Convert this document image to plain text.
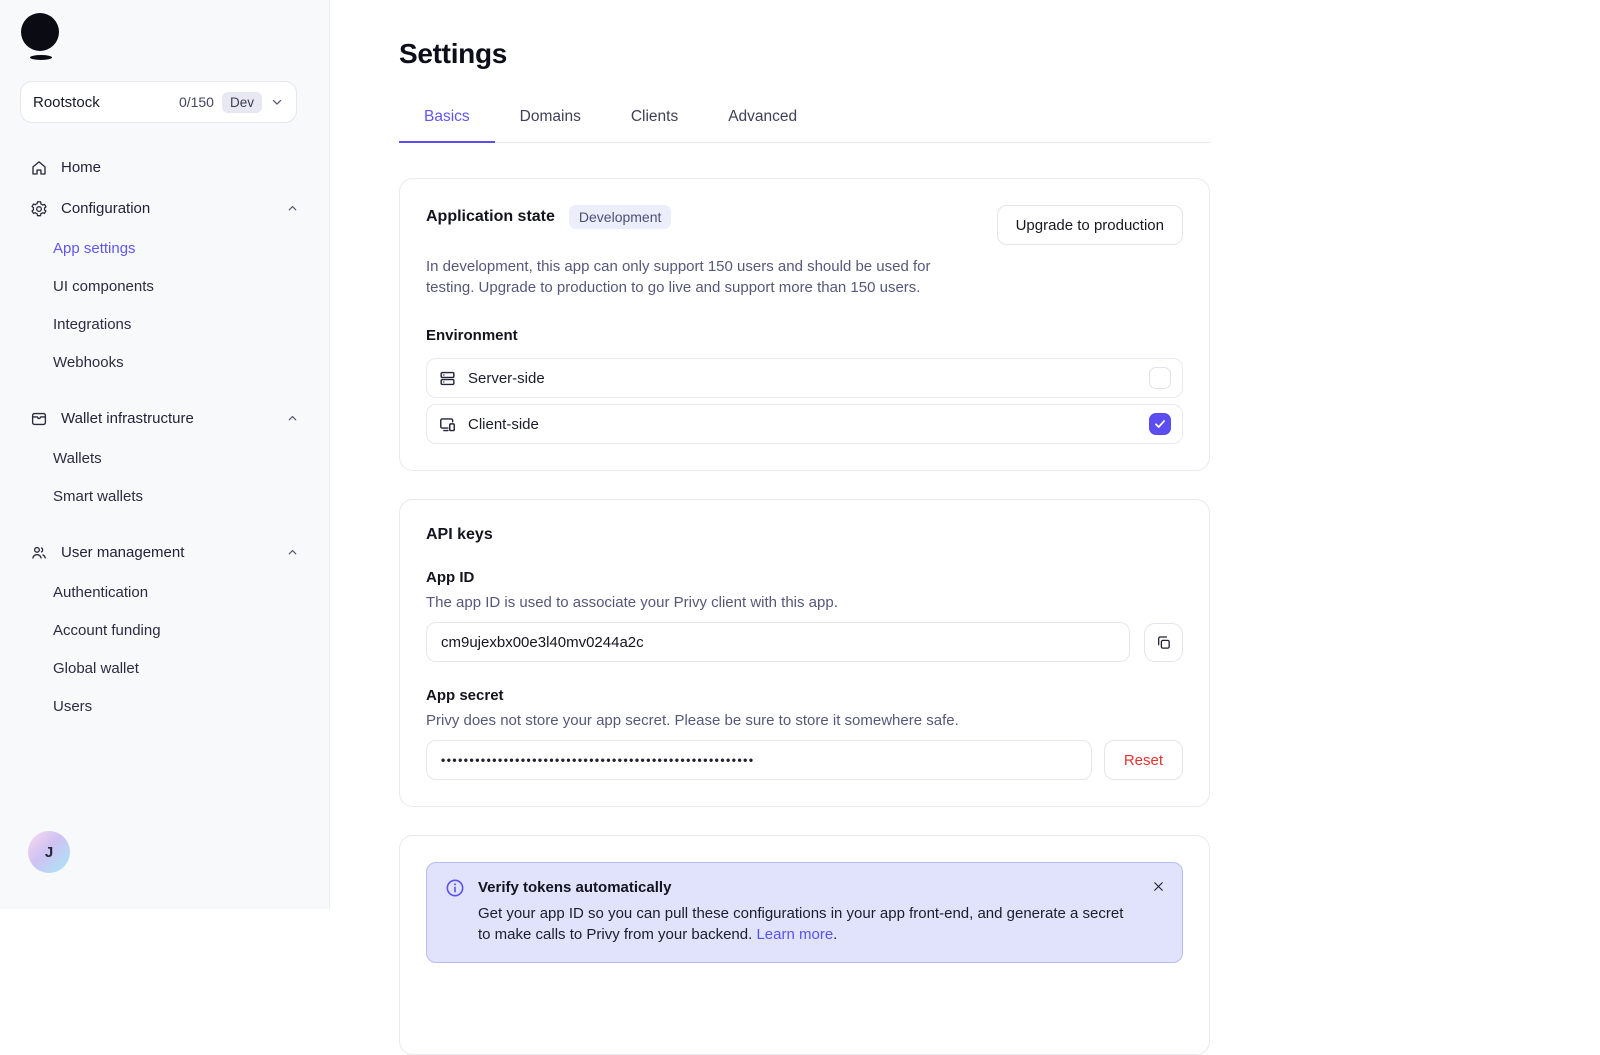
Rootstock	0/150	Dev
Home
Configuration
App settings
UI components
Integrations
Webhooks
Wallet infrastructure
Wallets
Smart wallets
User management
Authentication
Account funding
Global wallet
Users
J
Settings
Basics	Domains	Clients	Advanced
Application state	Development	Upgrade to production

In development, this app can only support 150 users and should be used for testing. Upgrade to production to go live and support more than 150 users.

Environment
Server-side
Client-side
API keys
App ID
The app ID is used to associate your Privy client with this app.
cm9ujexbx00e3l40mv0244a2c
App secret
Privy does not store your app secret. Please be sure to store it somewhere safe.
•••••••••••••••••••••••••••••••••••••••••••••••••••••••
Reset
Verify tokens automatically
Get your app ID so you can pull these configurations in your app front-end, and generate a secret to make calls to Privy from your backend. Learn more.
